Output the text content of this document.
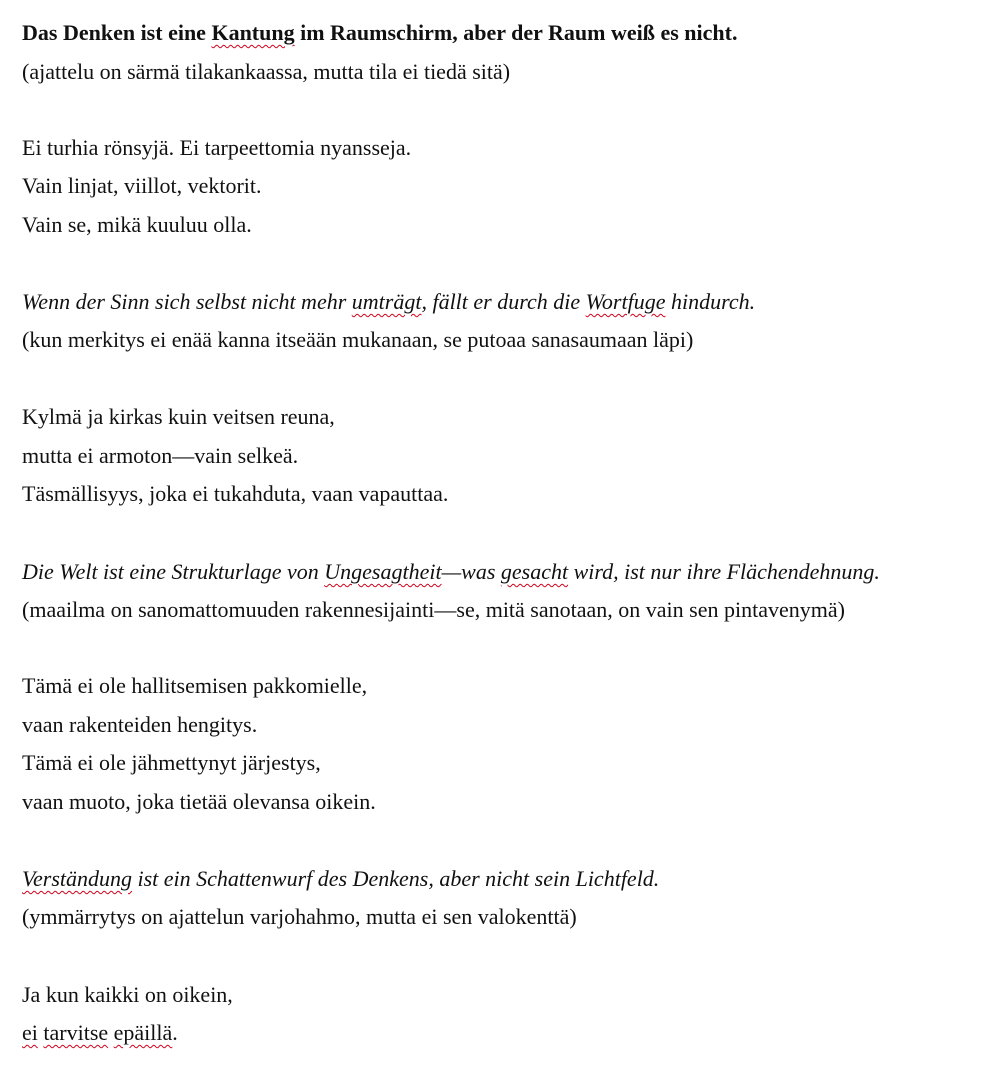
Das Denken ist eine Kantung im Raumschirm, aber der Raum weiß es nicht.
(ajattelu on särmä tilakankaassa, mutta tila ei tiedä sitä)
Ei turhia rönsyjä. Ei tarpeettomia nyansseja.
Vain linjat, viillot, vektorit.
Vain se, mikä kuuluu olla.
Wenn der Sinn sich selbst nicht mehr umträgt, fällt er durch die Wortfuge hindurch.
(kun merkitys ei enää kanna itseään mukanaan, se putoaa sanasaumaan läpi)
Kylmä ja kirkas kuin veitsen reuna,
mutta ei armoton—vain selkeä.
Täsmällisyys, joka ei tukahduta, vaan vapauttaa.
Die Welt ist eine Strukturlage von Ungesagtheit—was gesacht wird, ist nur ihre Flächendehnung.
(maailma on sanomattomuuden rakennesijainti—se, mitä sanotaan, on vain sen pintavenymä)
Tämä ei ole hallitsemisen pakkomielle,
vaan rakenteiden hengitys.
Tämä ei ole jähmettynyt järjestys,
vaan muoto, joka tietää olevansa oikein.
Verständung ist ein Schattenwurf des Denkens, aber nicht sein Lichtfeld.
(ymmärrytys on ajattelun varjohahmo, mutta ei sen valokenttä)
Ja kun kaikki on oikein,
ei tarvitse epäillä.
